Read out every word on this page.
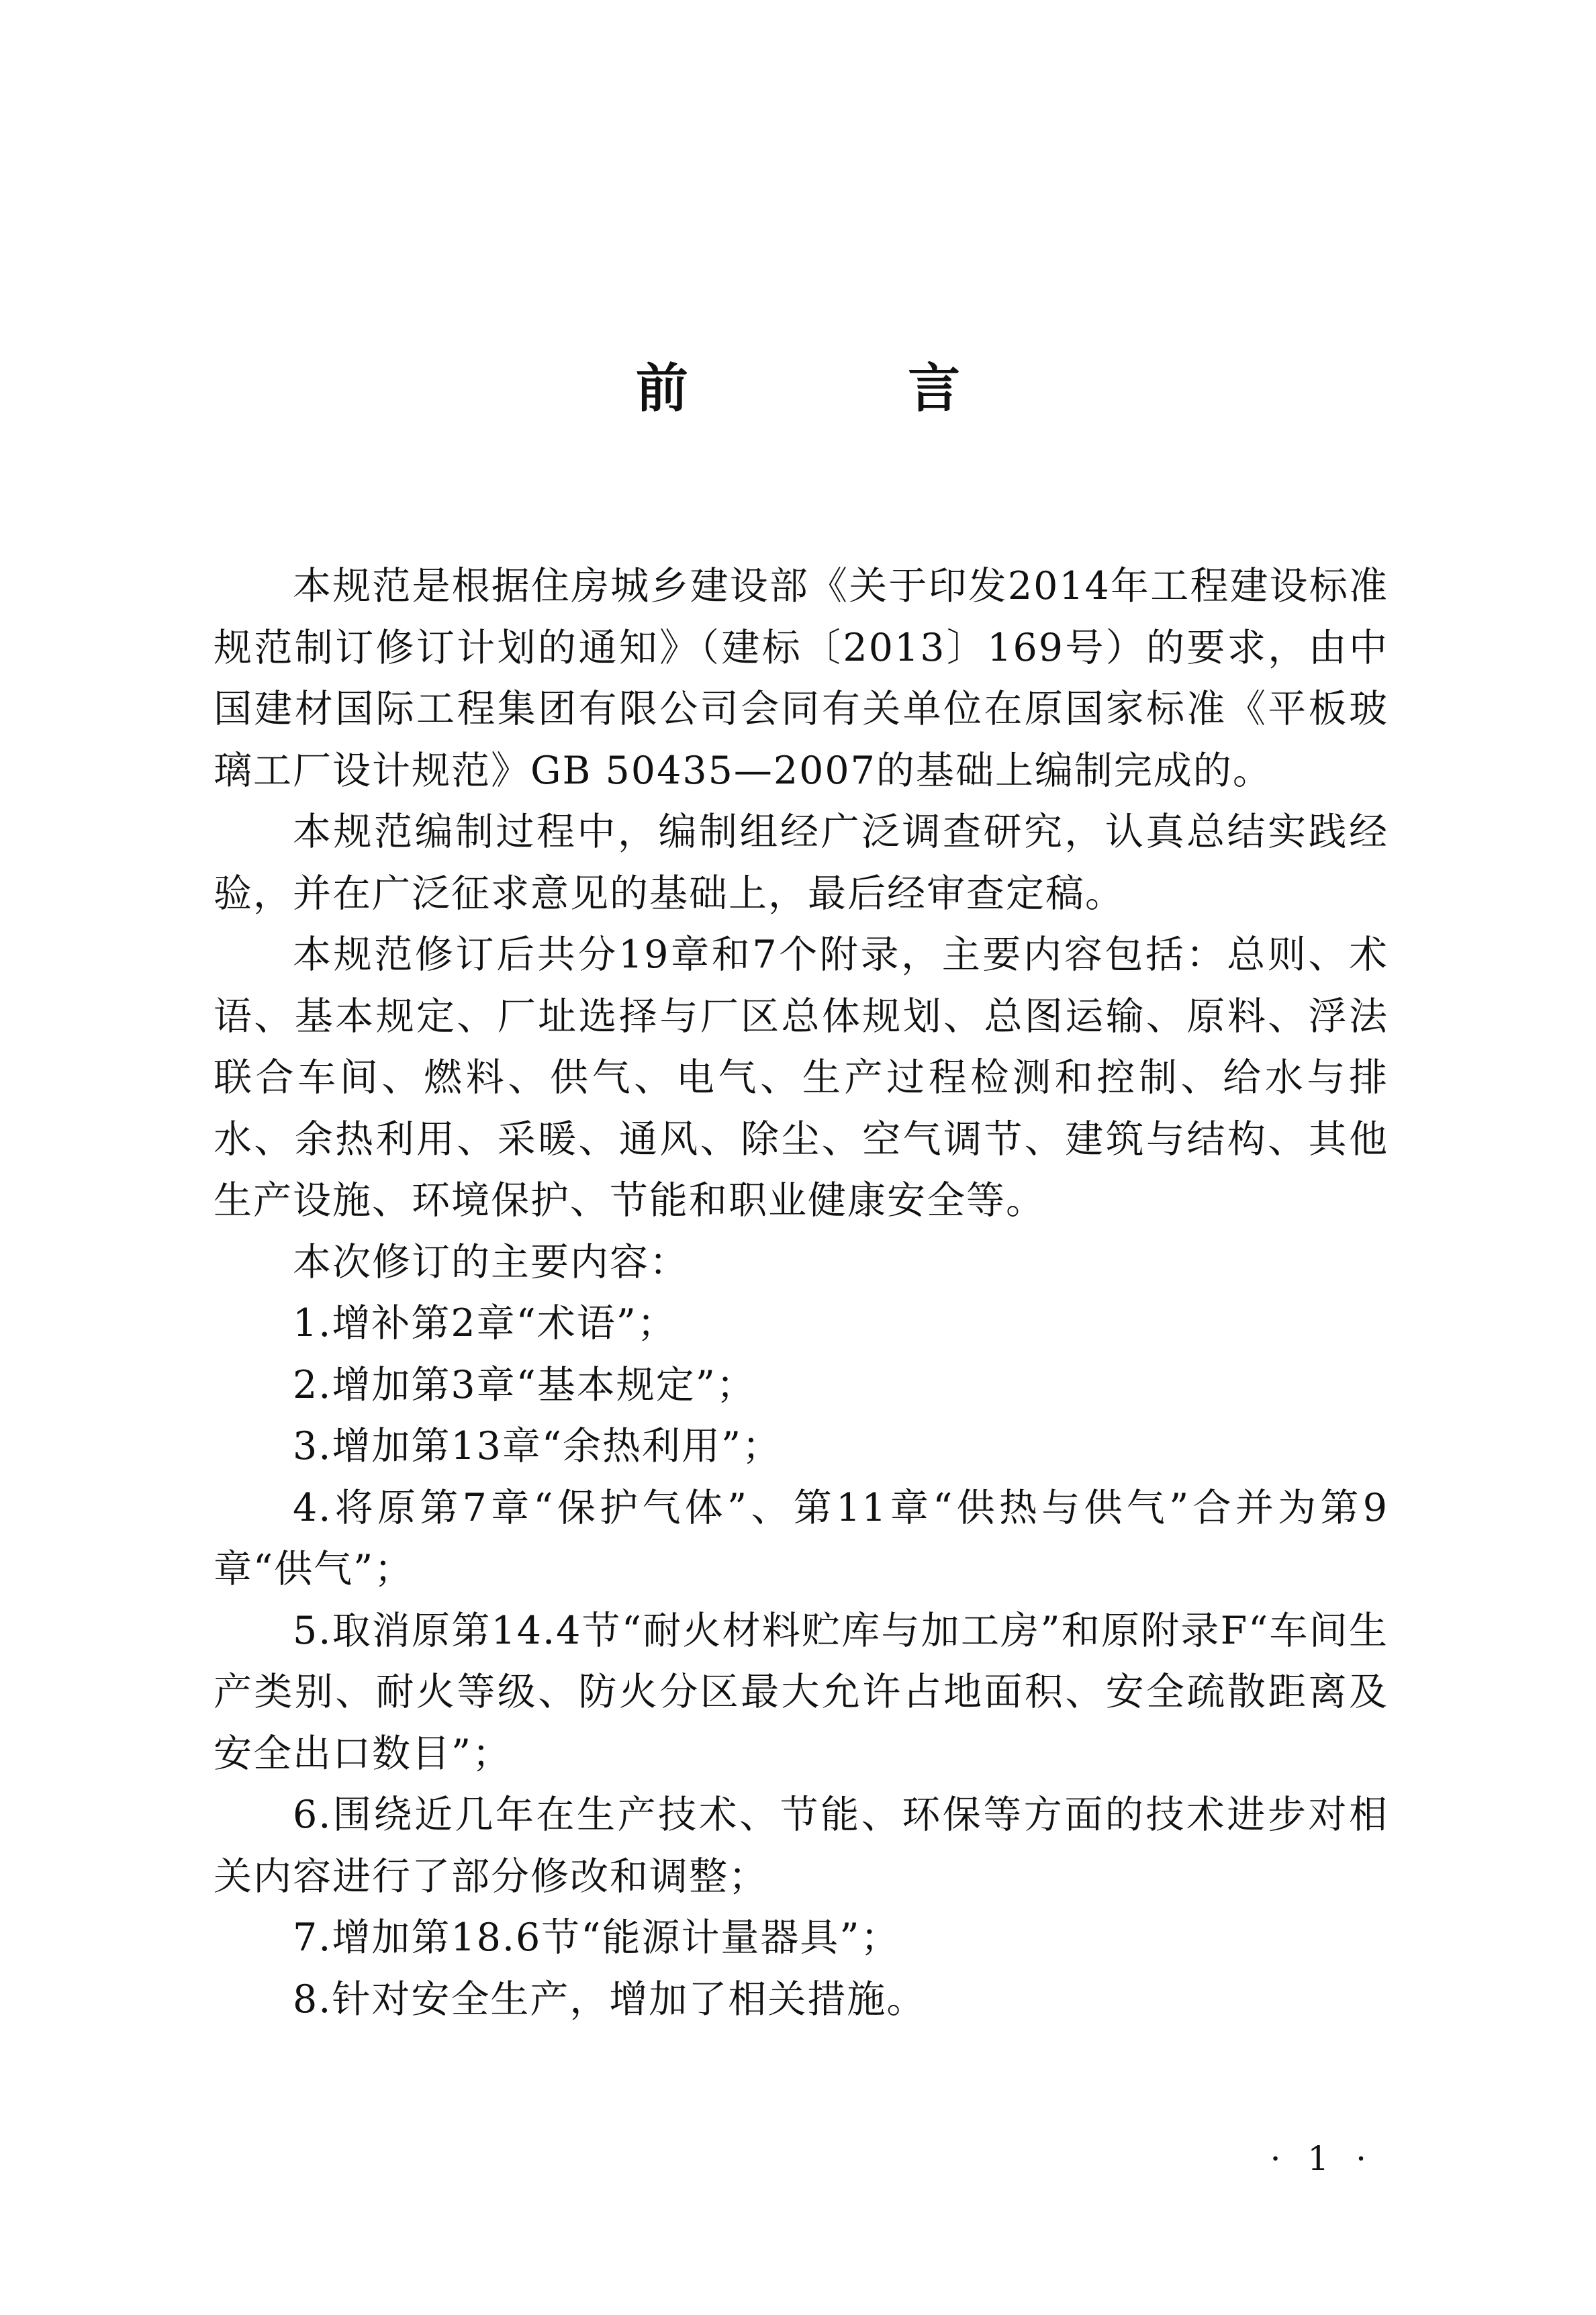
前 言

本规范是根据住房城乡建设部《关于印发2014年工程建设标准规范制订修订计划的通知》（建标〔2013〕169号）的要求，由中国建材国际工程集团有限公司会同有关单位在原国家标准《平板玻璃工厂设计规范》GB 50435—2007的基础上编制完成的。

本规范编制过程中，编制组经广泛调查研究，认真总结实践经验，并在广泛征求意见的基础上，最后经审查定稿。

本规范修订后共分19章和7个附录，主要内容包括：总则、术语、基本规定、厂址选择与厂区总体规划、总图运输、原料、浮法联合车间、燃料、供气、电气、生产过程检测和控制、给水与排水、余热利用、采暖、通风、除尘、空气调节、建筑与结构、其他生产设施、环境保护、节能和职业健康安全等。

本次修订的主要内容：

1.增补第2章“术语”；

2.增加第3章“基本规定”；

3.增加第13章“余热利用”；

4.将原第7章“保护气体”、第11章“供热与供气”合并为第9章“供气”；

5.取消原第14.4节“耐火材料贮库与加工房”和原附录F“车间生产类别、耐火等级、防火分区最大允许占地面积、安全疏散距离及安全出口数目”；

6.围绕近几年在生产技术、节能、环保等方面的技术进步对相关内容进行了部分修改和调整；

7.增加第18.6节“能源计量器具”；

8.针对安全生产，增加了相关措施。

· 1 ·
